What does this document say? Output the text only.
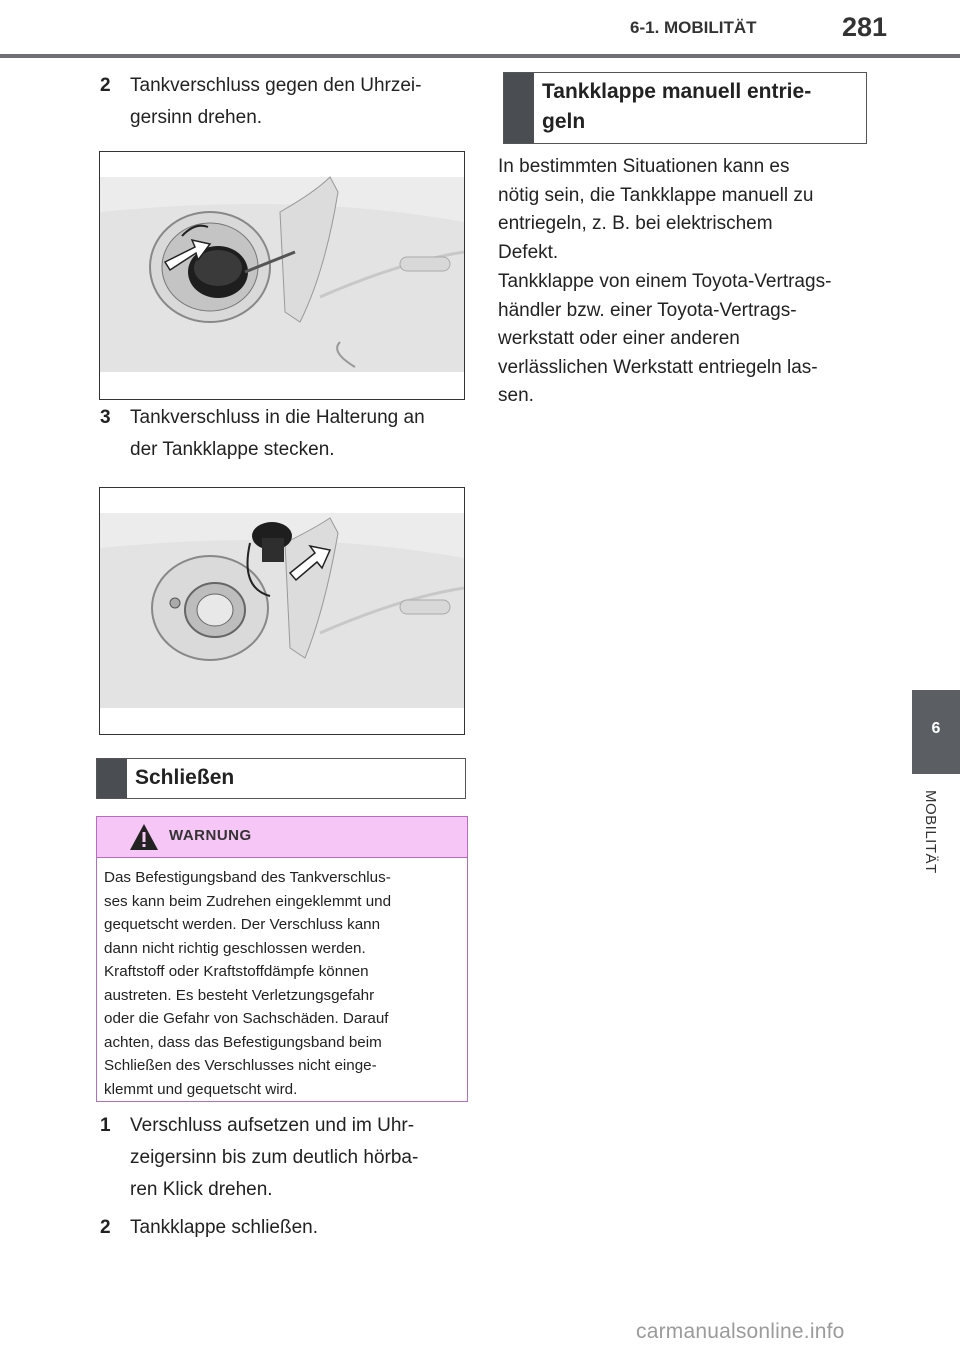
6-1. MOBILITÄT	281
6
MOBILITÄT
2 Tankverschluss gegen den Uhrzei-
gersinn drehen.
3 Tankverschluss in die Halterung an
der Tankklappe stecken.
Schließen
WARNUNG
Das Befestigungsband des Tankverschlus-
ses kann beim Zudrehen eingeklemmt und
gequetscht werden. Der Verschluss kann
dann nicht richtig geschlossen werden.
Kraftstoff oder Kraftstoffdämpfe können
austreten. Es besteht Verletzungsgefahr
oder die Gefahr von Sachschäden. Darauf
achten, dass das Befestigungsband beim
Schließen des Verschlusses nicht einge-
klemmt und gequetscht wird.
1 Verschluss aufsetzen und im Uhr-
zeigersinn bis zum deutlich hörba-
ren Klick drehen.
2 Tankklappe schließen.
Tankklappe manuell entrie-
geln
In bestimmten Situationen kann es
nötig sein, die Tankklappe manuell zu
entriegeln, z. B. bei elektrischem
Defekt.
Tankklappe von einem Toyota-Vertrags-
händler bzw. einer Toyota-Vertrags-
werkstatt oder einer anderen
verlässlichen Werkstatt entriegeln las-
sen.
carmanualsonline.info
